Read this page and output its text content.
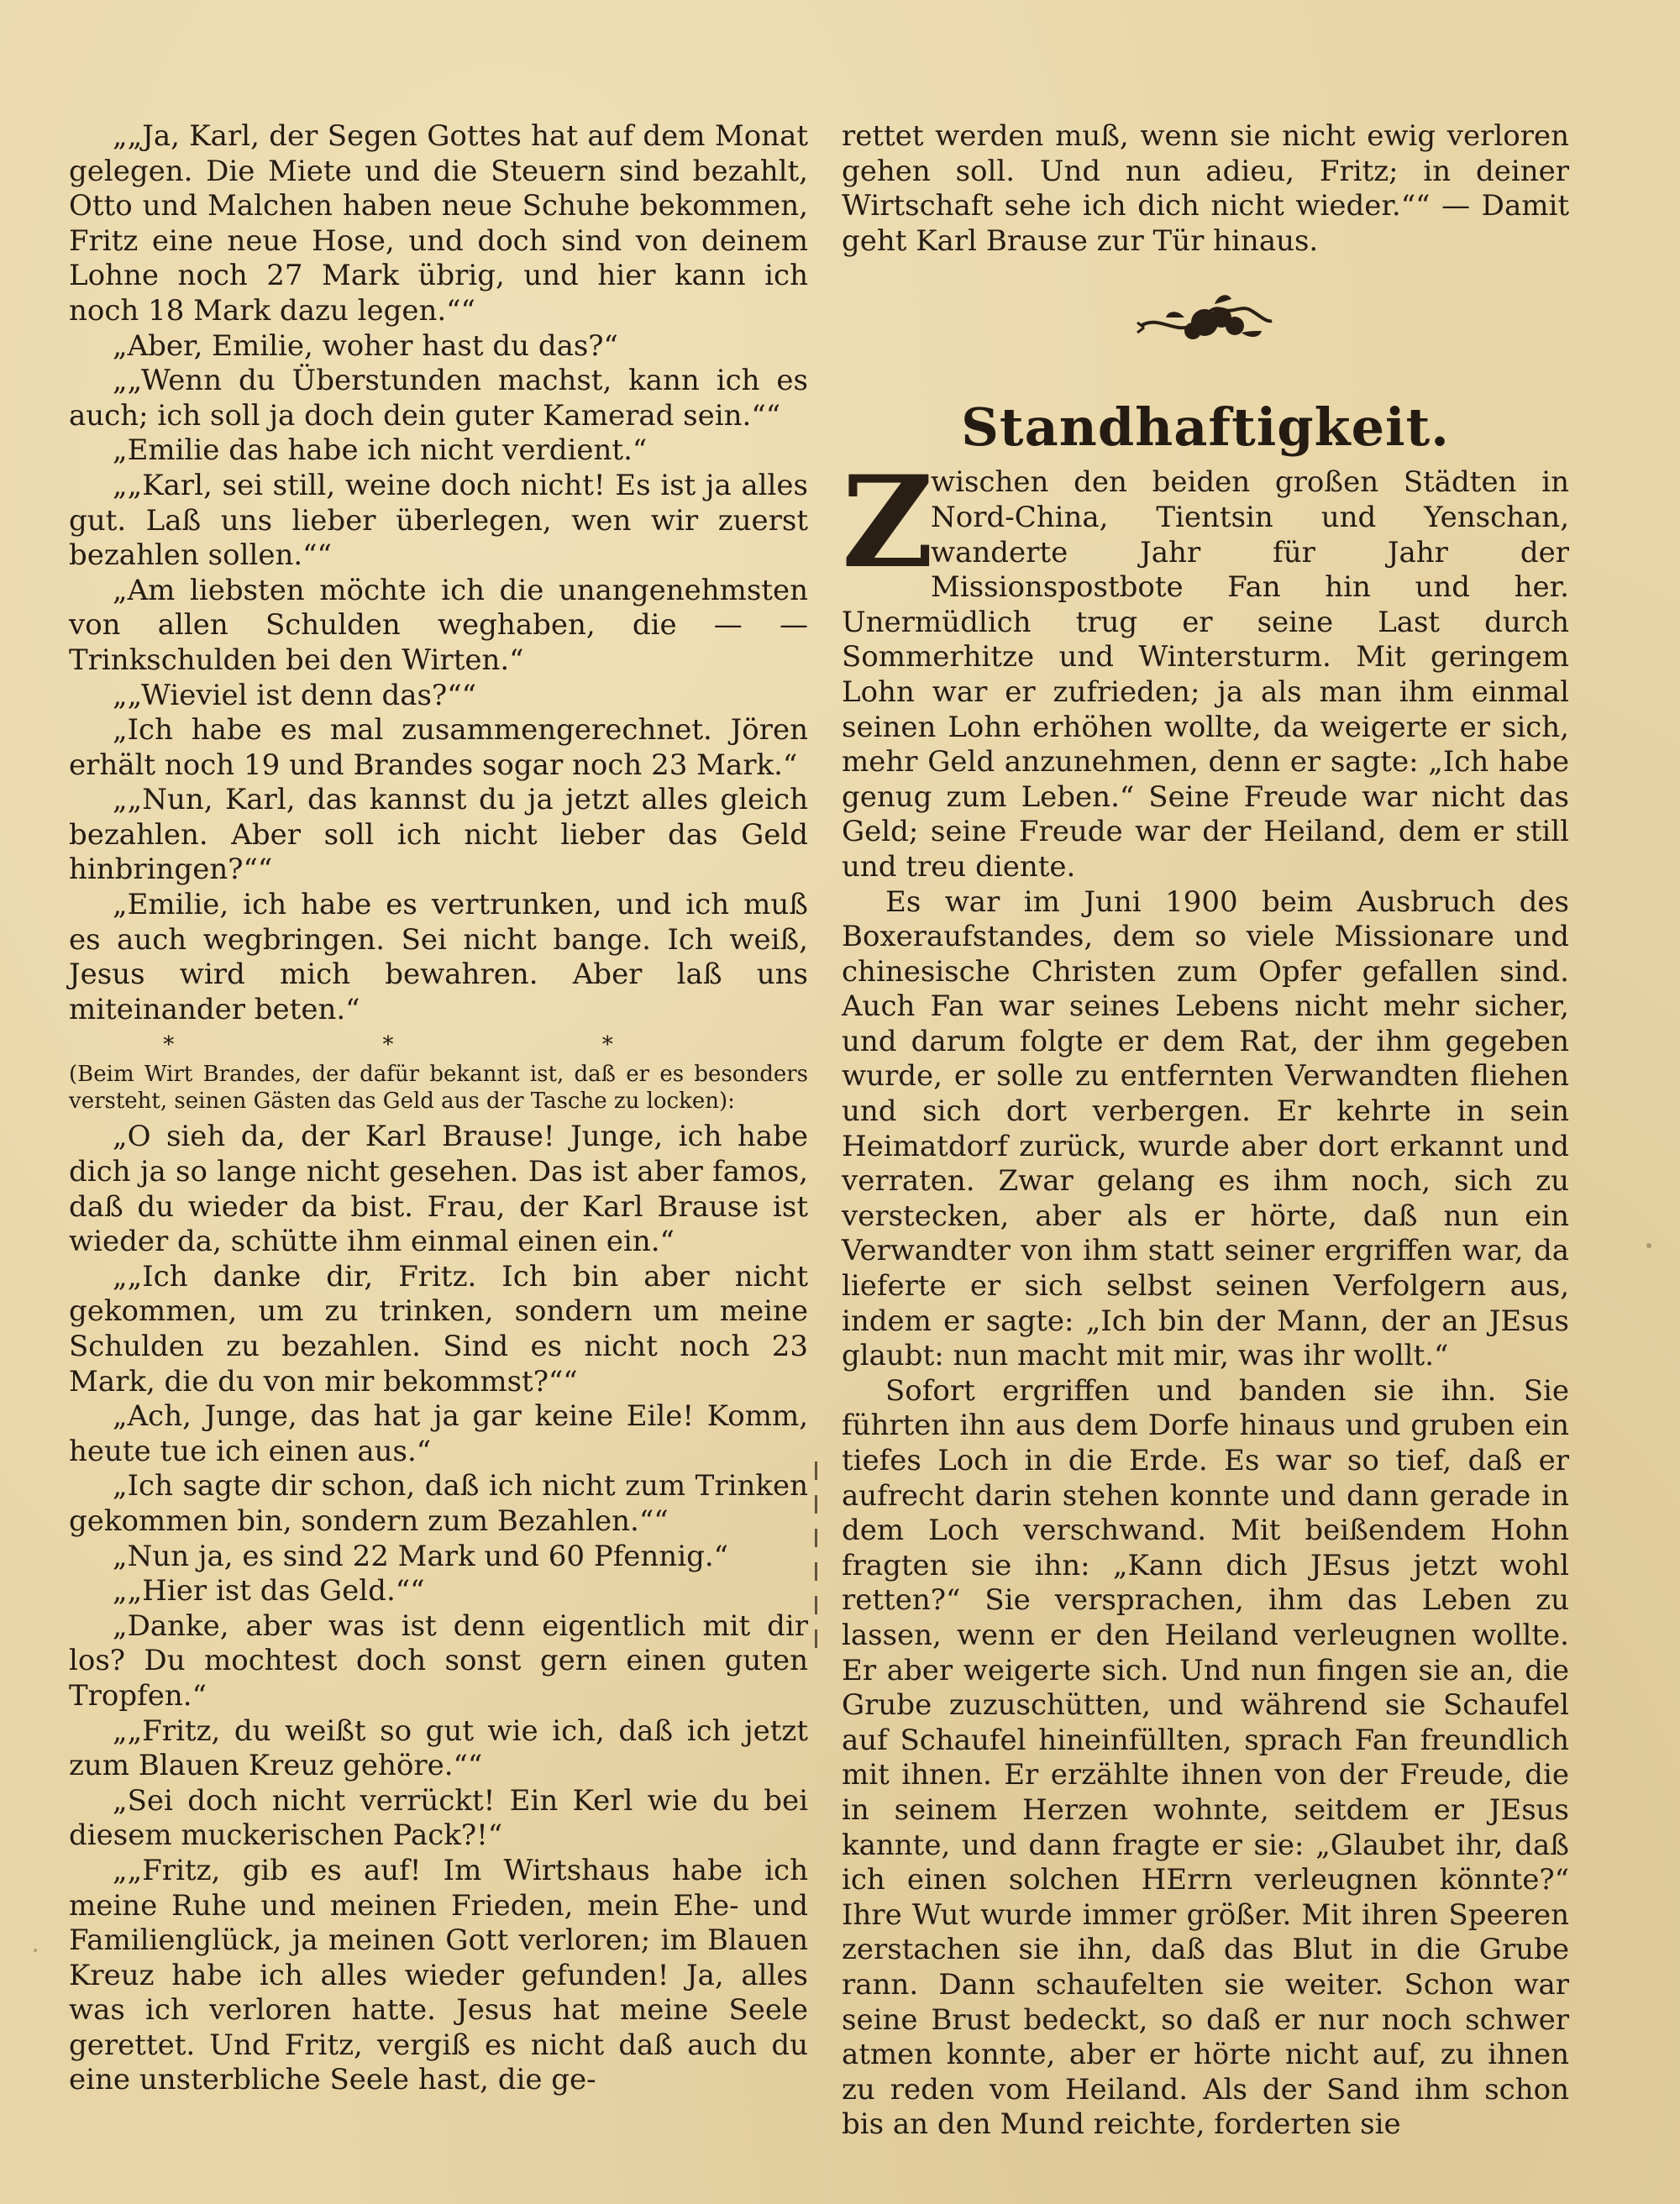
„„Ja, Karl, der Segen Gottes hat auf dem Monat gelegen. Die Miete und die Steuern sind bezahlt, Otto und Malchen haben neue Schuhe bekommen, Fritz eine neue Hose, und doch sind von deinem Lohne noch 27 Mark übrig, und hier kann ich noch 18 Mark dazu legen.““

„Aber, Emilie, woher hast du das?“

„„Wenn du Überstunden machst, kann ich es auch; ich soll ja doch dein guter Kamerad sein.““

„Emilie das habe ich nicht verdient.“

„„Karl, sei still, weine doch nicht! Es ist ja alles gut. Laß uns lieber überlegen, wen wir zuerst bezahlen sollen.““

„Am liebsten möchte ich die unangenehmsten von allen Schulden weghaben, die — — Trinkschulden bei den Wirten.“

„„Wieviel ist denn das?““

„Ich habe es mal zusammengerechnet. Jören erhält noch 19 und Brandes sogar noch 23 Mark.“

„„Nun, Karl, das kannst du ja jetzt alles gleich bezahlen. Aber soll ich nicht lieber das Geld hinbringen?““

„Emilie, ich habe es vertrunken, und ich muß es auch wegbringen. Sei nicht bange. Ich weiß, Jesus wird mich bewahren. Aber laß uns miteinander beten.“

* * *

(Beim Wirt Brandes, der dafür bekannt ist, daß er es besonders versteht, seinen Gästen das Geld aus der Tasche zu locken):

„O sieh da, der Karl Brause! Junge, ich habe dich ja so lange nicht gesehen. Das ist aber famos, daß du wieder da bist. Frau, der Karl Brause ist wieder da, schütte ihm einmal einen ein.“

„„Ich danke dir, Fritz. Ich bin aber nicht gekommen, um zu trinken, sondern um meine Schulden zu bezahlen. Sind es nicht noch 23 Mark, die du von mir bekommst?““

„Ach, Junge, das hat ja gar keine Eile! Komm, heute tue ich einen aus.“

„Ich sagte dir schon, daß ich nicht zum Trinken gekommen bin, sondern zum Bezahlen.““

„Nun ja, es sind 22 Mark und 60 Pfennig.“

„„Hier ist das Geld.““

„Danke, aber was ist denn eigentlich mit dir los? Du mochtest doch sonst gern einen guten Tropfen.“

„„Fritz, du weißt so gut wie ich, daß ich jetzt zum Blauen Kreuz gehöre.““

„Sei doch nicht verrückt! Ein Kerl wie du bei diesem muckerischen Pack?!“

„„Fritz, gib es auf! Im Wirtshaus habe ich meine Ruhe und meinen Frieden, mein Ehe- und Familienglück, ja meinen Gott verloren; im Blauen Kreuz habe ich alles wieder gefunden! Ja, alles was ich verloren hatte. Jesus hat meine Seele gerettet. Und Fritz, vergiß es nicht daß auch du eine unsterbliche Seele hast, die ge-

rettet werden muß, wenn sie nicht ewig verloren gehen soll. Und nun adieu, Fritz; in deiner Wirtschaft sehe ich dich nicht wieder.““ — Damit geht Karl Brause zur Tür hinaus.

Standhaftigkeit.

Z
wischen den beiden großen Städten in Nord-China, Tientsin und Yenschan, wanderte Jahr für Jahr der Missionspostbote Fan hin und her. Unermüdlich trug er seine Last durch Sommerhitze und Wintersturm. Mit geringem Lohn war er zufrieden; ja als man ihm einmal seinen Lohn erhöhen wollte, da weigerte er sich, mehr Geld anzunehmen, denn er sagte: „Ich habe genug zum Leben.“ Seine Freude war nicht das Geld; seine Freude war der Heiland, dem er still und treu diente.

Es war im Juni 1900 beim Ausbruch des Boxeraufstandes, dem so viele Missionare und chinesische Christen zum Opfer gefallen sind. Auch Fan war seines Lebens nicht mehr sicher, und darum folgte er dem Rat, der ihm gegeben wurde, er solle zu entfernten Verwandten fliehen und sich dort verbergen. Er kehrte in sein Heimatdorf zurück, wurde aber dort erkannt und verraten. Zwar gelang es ihm noch, sich zu verstecken, aber als er hörte, daß nun ein Verwandter von ihm statt seiner ergriffen war, da lieferte er sich selbst seinen Verfolgern aus, indem er sagte: „Ich bin der Mann, der an JEsus glaubt: nun macht mit mir, was ihr wollt.“

Sofort ergriffen und banden sie ihn. Sie führten ihn aus dem Dorfe hinaus und gruben ein tiefes Loch in die Erde. Es war so tief, daß er aufrecht darin stehen konnte und dann gerade in dem Loch verschwand. Mit beißendem Hohn fragten sie ihn: „Kann dich JEsus jetzt wohl retten?“ Sie versprachen, ihm das Leben zu lassen, wenn er den Heiland verleugnen wollte. Er aber weigerte sich. Und nun fingen sie an, die Grube zuzuschütten, und während sie Schaufel auf Schaufel hineinfüllten, sprach Fan freundlich mit ihnen. Er erzählte ihnen von der Freude, die in seinem Herzen wohnte, seitdem er JEsus kannte, und dann fragte er sie: „Glaubet ihr, daß ich einen solchen HErrn verleugnen könnte?“ Ihre Wut wurde immer größer. Mit ihren Speeren zerstachen sie ihn, daß das Blut in die Grube rann. Dann schaufelten sie weiter. Schon war seine Brust bedeckt, so daß er nur noch schwer atmen konnte, aber er hörte nicht auf, zu ihnen zu reden vom Heiland. Als der Sand ihm schon bis an den Mund reichte, forderten sie
